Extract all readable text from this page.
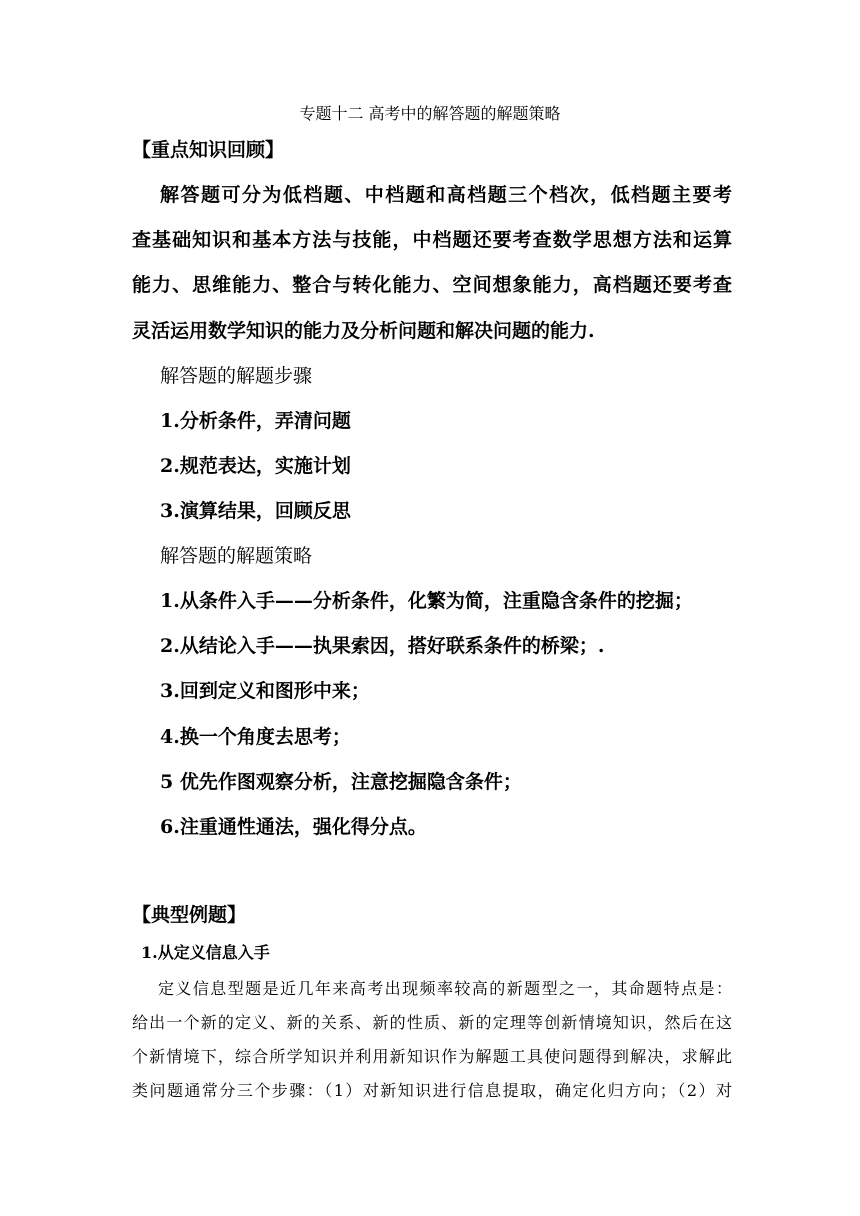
专题十二 高考中的解答题的解题策略
【重点知识回顾】
解答题可分为低档题、中档题和高档题三个档次，低档题主要考
查基础知识和基本方法与技能，中档题还要考查数学思想方法和运算
能力、思维能力、整合与转化能力、空间想象能力，高档题还要考查
灵活运用数学知识的能力及分析问题和解决问题的能力.
解答题的解题步骤
1.分析条件，弄清问题
2.规范表达，实施计划
3.演算结果，回顾反思
解答题的解题策略
1.从条件入手——分析条件，化繁为简，注重隐含条件的挖掘；
2.从结论入手——执果索因，搭好联系条件的桥梁；.
3.回到定义和图形中来；
4.换一个角度去思考；
5 优先作图观察分析，注意挖掘隐含条件；
6.注重通性通法，强化得分点。
【典型例题】
1.从定义信息入手
定义信息型题是近几年来高考出现频率较高的新题型之一，其命题特点是：
给出一个新的定义、新的关系、新的性质、新的定理等创新情境知识，然后在这
个新情境下，综合所学知识并利用新知识作为解题工具使问题得到解决，求解此
类问题通常分三个步骤：（1）对新知识进行信息提取，确定化归方向；（2）对
